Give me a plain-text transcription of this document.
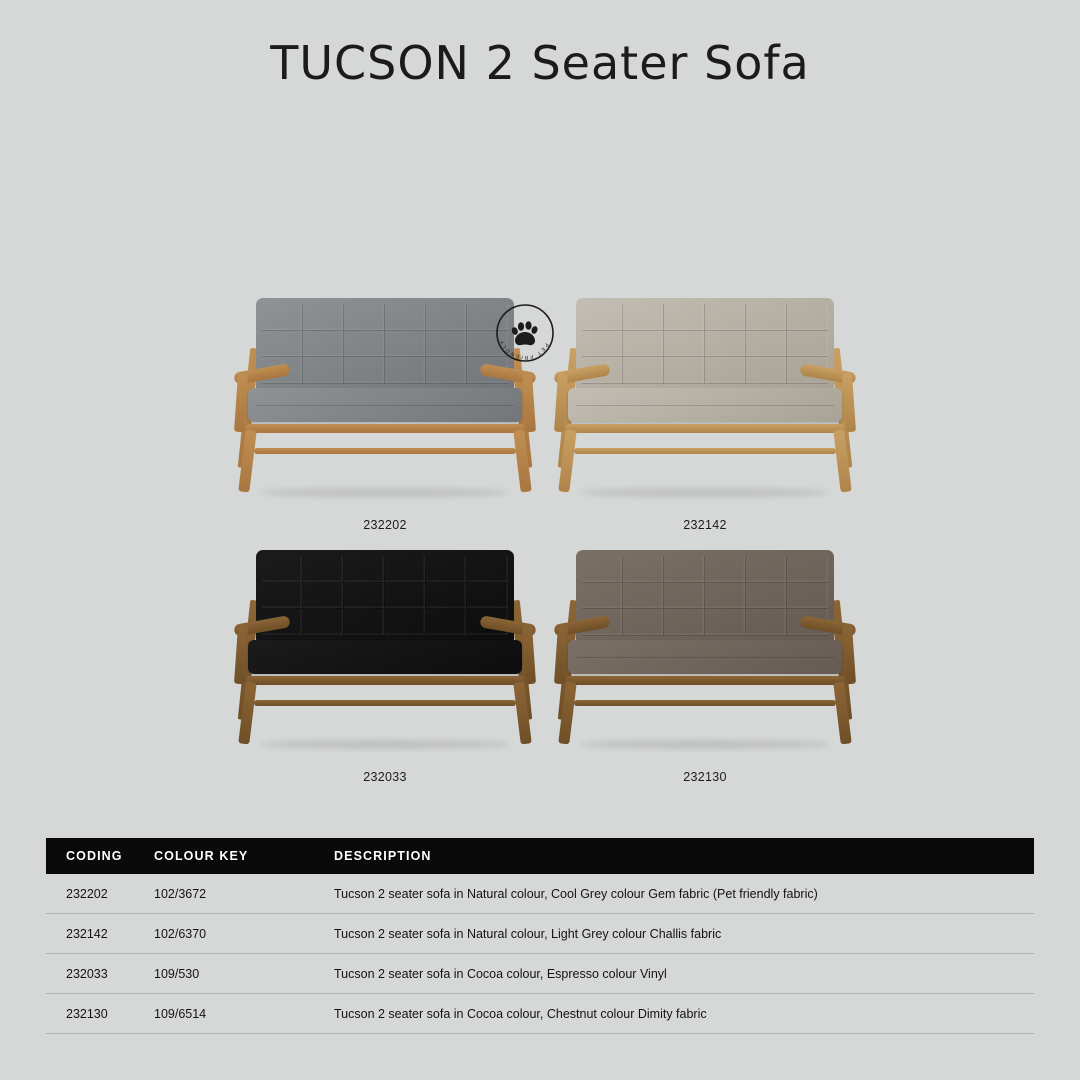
TUCSON 2 Seater Sofa
PET FRIENDLY
232202	232142
232033	232130
CODING	COLOUR KEY	DESCRIPTION
232202	102/3672	Tucson 2 seater sofa in Natural colour, Cool Grey colour Gem fabric (Pet friendly fabric)
232142	102/6370	Tucson 2 seater sofa in Natural colour, Light Grey colour Challis fabric
232033	109/530	Tucson 2 seater sofa in Cocoa colour, Espresso colour Vinyl
232130	109/6514	Tucson 2 seater sofa in Cocoa colour, Chestnut colour Dimity fabric
